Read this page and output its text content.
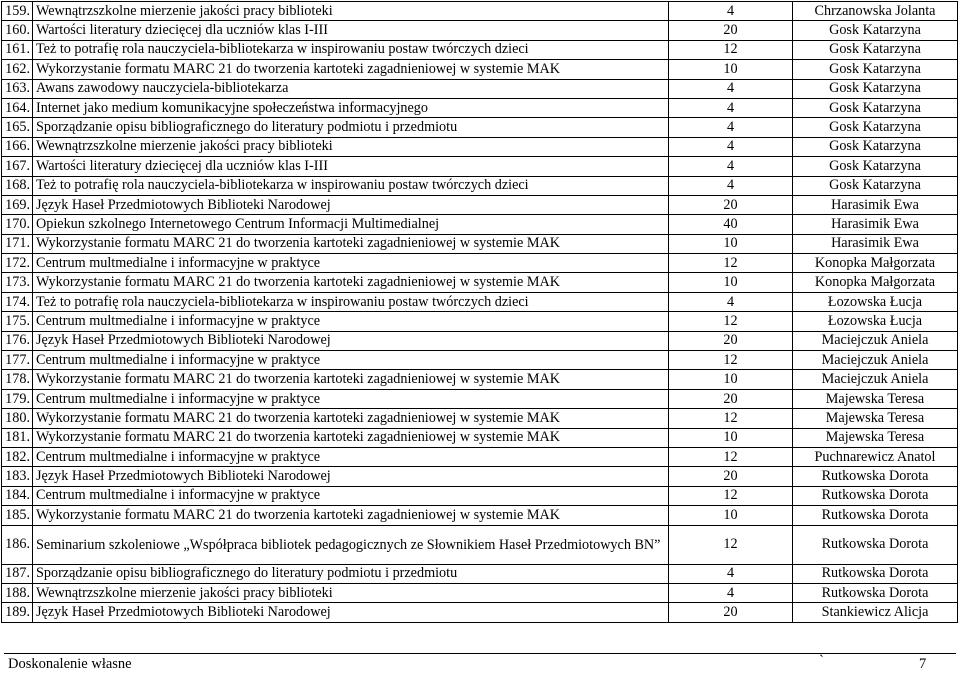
159.	Wewnątrzszkolne mierzenie jakości pracy biblioteki	4	Chrzanowska Jolanta
160.	Wartości literatury dziecięcej dla uczniów klas I-III	20	Gosk Katarzyna
161.	Też to potrafię rola nauczyciela-bibliotekarza w inspirowaniu postaw twórczych dzieci	12	Gosk Katarzyna
162.	Wykorzystanie formatu MARC 21 do tworzenia kartoteki zagadnieniowej w systemie MAK	10	Gosk Katarzyna
163.	Awans zawodowy nauczyciela-bibliotekarza	4	Gosk Katarzyna
164.	Internet jako medium komunikacyjne społeczeństwa informacyjnego	4	Gosk Katarzyna
165.	Sporządzanie opisu bibliograficznego do literatury podmiotu i przedmiotu	4	Gosk Katarzyna
166.	Wewnątrzszkolne mierzenie jakości pracy biblioteki	4	Gosk Katarzyna
167.	Wartości literatury dziecięcej dla uczniów klas I-III	4	Gosk Katarzyna
168.	Też to potrafię rola nauczyciela-bibliotekarza w inspirowaniu postaw twórczych dzieci	4	Gosk Katarzyna
169.	Język Haseł Przedmiotowych Biblioteki Narodowej	20	Harasimik Ewa
170.	Opiekun szkolnego Internetowego Centrum Informacji Multimedialnej	40	Harasimik Ewa
171.	Wykorzystanie formatu MARC 21 do tworzenia kartoteki zagadnieniowej w systemie MAK	10	Harasimik Ewa
172.	Centrum multmedialne i informacyjne w praktyce	12	Konopka Małgorzata
173.	Wykorzystanie formatu MARC 21 do tworzenia kartoteki zagadnieniowej w systemie MAK	10	Konopka Małgorzata
174.	Też to potrafię rola nauczyciela-bibliotekarza w inspirowaniu postaw twórczych dzieci	4	Łozowska Łucja
175.	Centrum multmedialne i informacyjne w praktyce	12	Łozowska Łucja
176.	Język Haseł Przedmiotowych Biblioteki Narodowej	20	Maciejczuk Aniela
177.	Centrum multmedialne i informacyjne w praktyce	12	Maciejczuk Aniela
178.	Wykorzystanie formatu MARC 21 do tworzenia kartoteki zagadnieniowej w systemie MAK	10	Maciejczuk Aniela
179.	Centrum multmedialne i informacyjne w praktyce	20	Majewska Teresa
180.	Wykorzystanie formatu MARC 21 do tworzenia kartoteki zagadnieniowej w systemie MAK	12	Majewska Teresa
181.	Wykorzystanie formatu MARC 21 do tworzenia kartoteki zagadnieniowej w systemie MAK	10	Majewska Teresa
182.	Centrum multmedialne i informacyjne w praktyce	12	Puchnarewicz Anatol
183.	Język Haseł Przedmiotowych Biblioteki Narodowej	20	Rutkowska Dorota
184.	Centrum multmedialne i informacyjne w praktyce	12	Rutkowska Dorota
185.	Wykorzystanie formatu MARC 21 do tworzenia kartoteki zagadnieniowej w systemie MAK	10	Rutkowska Dorota
186.	Seminarium szkoleniowe „Współpraca bibliotek pedagogicznych ze Słownikiem Haseł Przedmiotowych BN”	12	Rutkowska Dorota
187.	Sporządzanie opisu bibliograficznego do literatury podmiotu i przedmiotu	4	Rutkowska Dorota
188.	Wewnątrzszkolne mierzenie jakości pracy biblioteki	4	Rutkowska Dorota
189.	Język Haseł Przedmiotowych Biblioteki Narodowej	20	Stankiewicz Alicja
Doskonalenie własne	`	7
